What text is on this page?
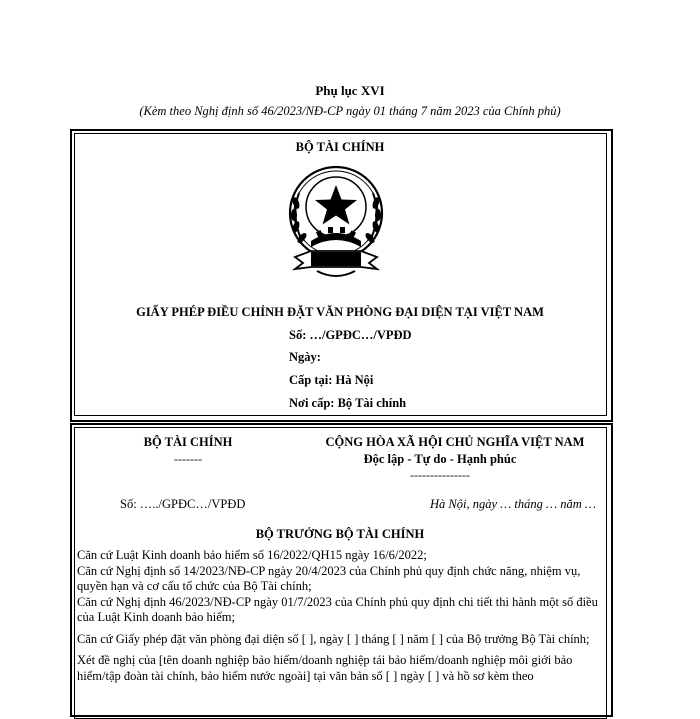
Phụ lục XVI
(Kèm theo Nghị định số 46/2023/NĐ-CP ngày 01 tháng 7 năm 2023 của Chính phủ)
BỘ TÀI CHÍNH
GIẤY PHÉP ĐIỀU CHỈNH ĐẶT VĂN PHÒNG ĐẠI DIỆN TẠI VIỆT NAM
Số: …/GPĐC…/VPĐD
Ngày:
Cấp tại: Hà Nội
Nơi cấp: Bộ Tài chính
BỘ TÀI CHÍNH
-------
CỘNG HÒA XÃ HỘI CHỦ NGHĨA VIỆT NAM
Độc lập - Tự do - Hạnh phúc
---------------
Số: …../GPĐC…/VPĐD	Hà Nội, ngày … tháng … năm …
BỘ TRƯỞNG BỘ TÀI CHÍNH

Căn cứ Luật Kinh doanh bảo hiểm số 16/2022/QH15 ngày 16/6/2022;

Căn cứ Nghị định số 14/2023/NĐ-CP ngày 20/4/2023 của Chính phủ quy định chức năng, nhiệm vụ, quyền hạn và cơ cấu tổ chức của Bộ Tài chính;

Căn cứ Nghị định 46/2023/NĐ-CP ngày 01/7/2023 của Chính phủ quy định chi tiết thi hành một số điều của Luật Kinh doanh bảo hiểm;

Căn cứ Giấy phép đặt văn phòng đại diện số [ ], ngày [ ] tháng [ ] năm [ ] của Bộ trưởng Bộ Tài chính;

Xét đề nghị của [tên doanh nghiệp bảo hiểm/doanh nghiệp tái bảo hiểm/doanh nghiệp môi giới bảo hiểm/tập đoàn tài chính, bảo hiểm nước ngoài] tại văn bản số [ ] ngày [ ] và hồ sơ kèm theo
